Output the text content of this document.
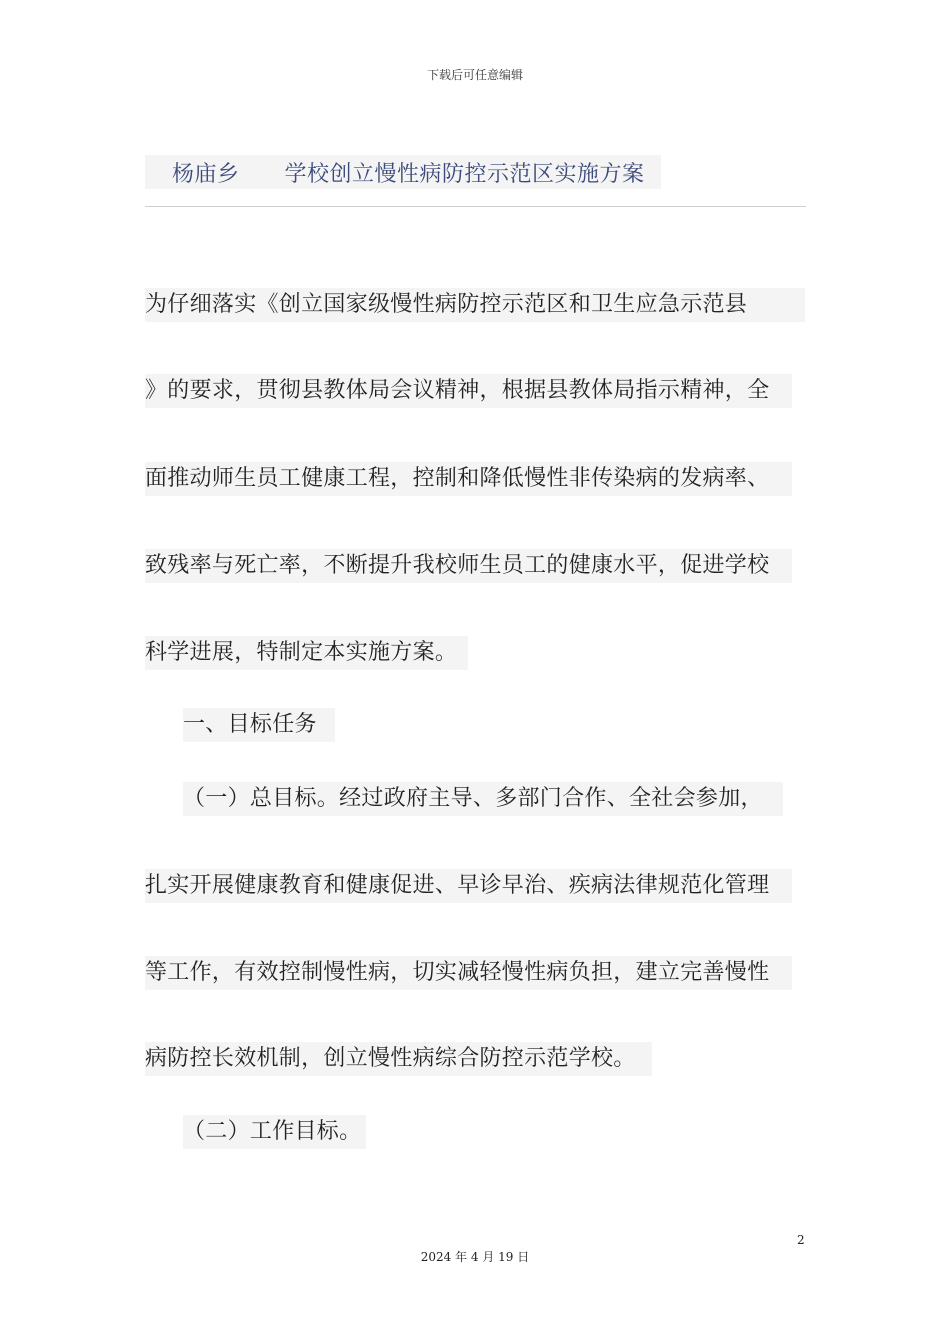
下载后可任意编辑
杨庙乡      学校创立慢性病防控示范区实施方案
为仔细落实《创立国家级慢性病防控示范区和卫生应急示范县
》的要求，贯彻县教体局会议精神，根据县教体局指示精神，全
面推动师生员工健康工程，控制和降低慢性非传染病的发病率、
致残率与死亡率，不断提升我校师生员工的健康水平，促进学校
科学进展，特制定本实施方案。
一、目标任务
（一）总目标。经过政府主导、多部门合作、全社会参加，
扎实开展健康教育和健康促进、早诊早治、疾病法律规范化管理
等工作，有效控制慢性病，切实减轻慢性病负担，建立完善慢性
病防控长效机制，创立慢性病综合防控示范学校。
（二）工作目标。
2
2024 年 4 月 19 日
